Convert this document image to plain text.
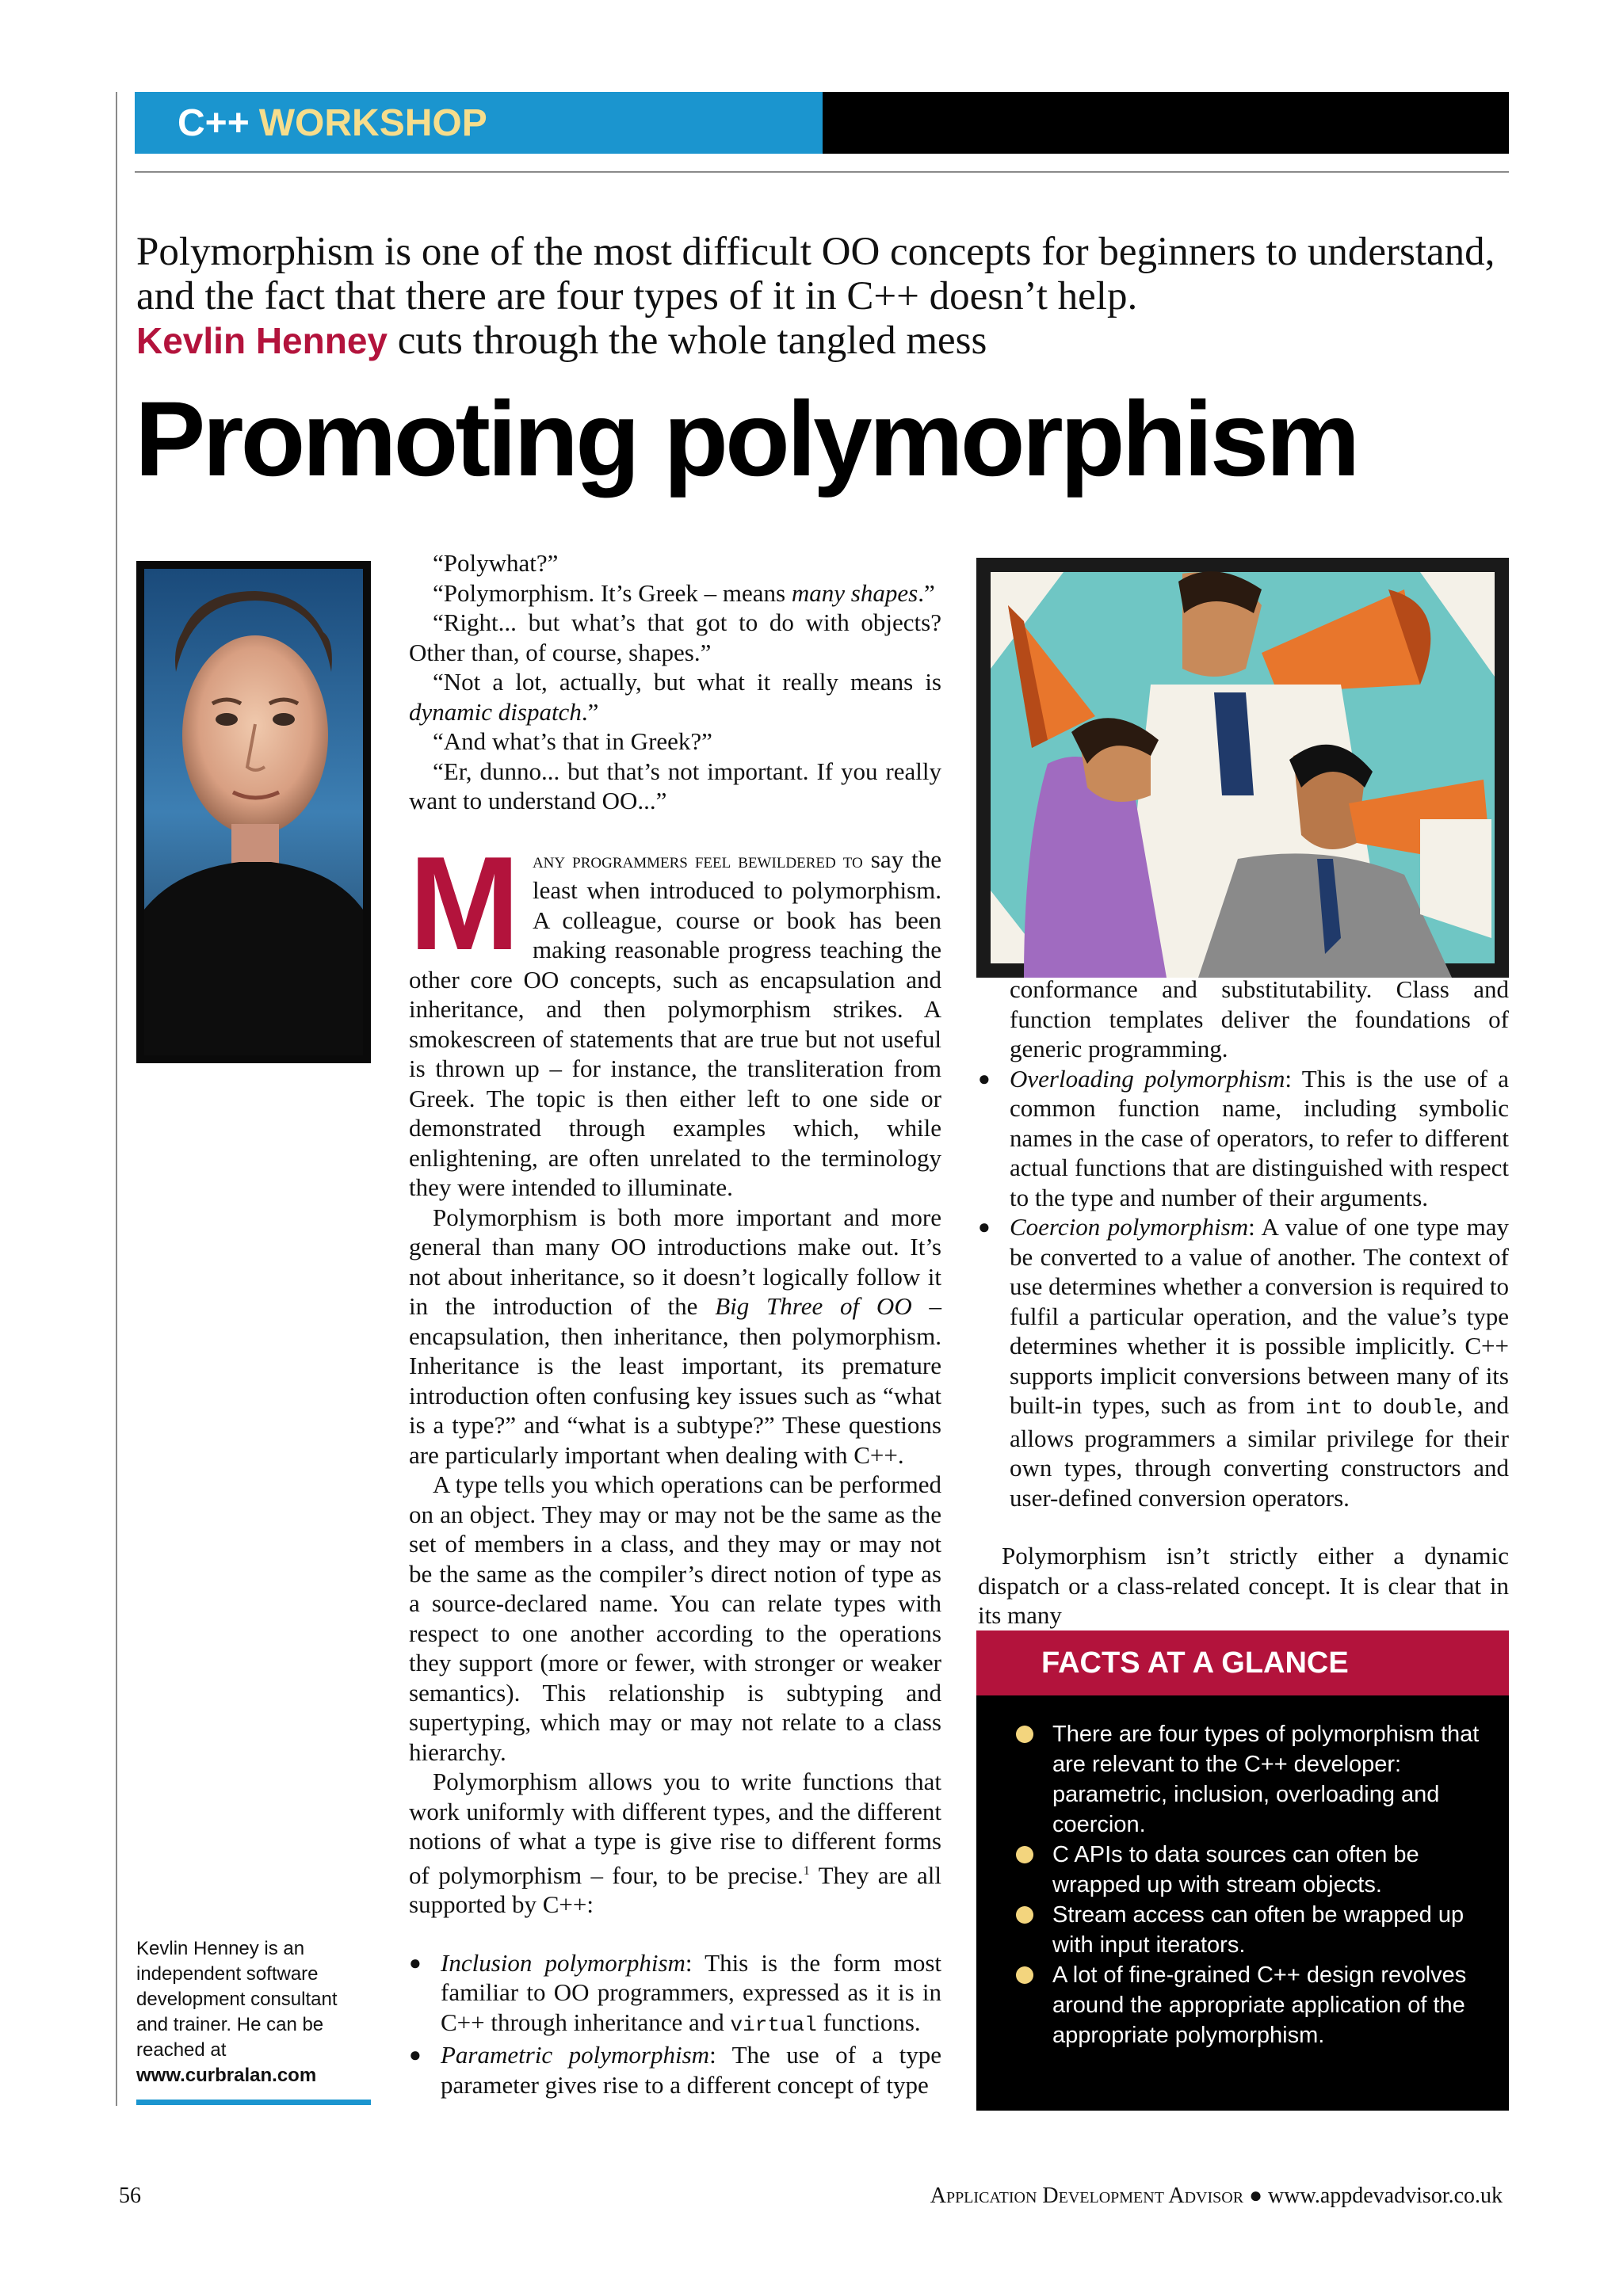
C++ WORKSHOP
Polymorphism is one of the most difficult OO concepts for beginners to understand, and the fact that there are four types of it in C++ doesn’t help.
Kevlin Henney cuts through the whole tangled mess
Promoting polymorphism
Kevlin Henney is an independent software development consultant and trainer. He can be reached at
www.curbralan.com

“Polywhat?”

“Polymorphism. It’s Greek – means many shapes.”

“Right... but what’s that got to do with objects? Other than, of course, shapes.”

“Not a lot, actually, but what it really means is dynamic dispatch.”

“And what’s that in Greek?”

“Er, dunno... but that’s not important. If you really want to understand OO...”

Many programmers feel bewildered to say the least when introduced to polymorphism. A colleague, course or book has been making reasonable progress teaching the other core OO concepts, such as encapsulation and inheritance, and then polymorphism strikes. A smokescreen of statements that are true but not useful is thrown up – for instance, the transliteration from Greek. The topic is then either left to one side or demonstrated through examples which, while enlightening, are often unrelated to the terminology they were intended to illuminate.

Polymorphism is both more important and more general than many OO introductions make out. It’s not about inheritance, so it doesn’t logically follow it in the introduction of the Big Three of OO – encapsulation, then inheritance, then polymorphism. Inheritance is the least important, its premature introduction often confusing key issues such as “what is a type?” and “what is a subtype?” These questions are particularly important when dealing with C++.

A type tells you which operations can be performed on an object. They may or may not be the same as the set of members in a class, and they may or may not be the same as the compiler’s direct notion of type as a source-declared name. You can relate types with respect to one another according to the operations they support (more or fewer, with stronger or weaker semantics). This relationship is subtyping and supertyping, which may or may not relate to a class hierarchy.

Polymorphism allows you to write functions that work uniformly with different types, and the different notions of what a type is give rise to different forms of polymorphism – four, to be precise.$^1$ They are all supported by C++:

● Inclusion polymorphism: This is the form most familiar to OO programmers, expressed as it is in C++ through inheritance and virtual functions.

● Parametric polymorphism: The use of a type parameter gives rise to a different concept of type

conformance and substitutability. Class and function templates deliver the foundations of generic programming.

● Overloading polymorphism: This is the use of a common function name, including symbolic names in the case of operators, to refer to different actual functions that are distinguished with respect to the type and number of their arguments.

● Coercion polymorphism: A value of one type may be converted to a value of another. The context of use determines whether a conversion is required to fulfil a particular operation, and the value’s type determines whether it is possible implicitly. C++ supports implicit conversions between many of its built-in types, such as from int to double, and allows programmers a similar privilege for their own types, through converting constructors and user-defined conversion operators.

Polymorphism isn’t strictly either a dynamic dispatch or a class-related concept. It is clear that in its many

FACTS AT A GLANCE
There are four types of polymorphism that are relevant to the C++ developer: parametric, inclusion, overloading and coercion.
C APIs to data sources can often be wrapped up with stream objects.
Stream access can often be wrapped up with input iterators.
A lot of fine-grained C++ design revolves around the appropriate application of the appropriate polymorphism.
56	Application Development Advisor ● www.appdevadvisor.co.uk
